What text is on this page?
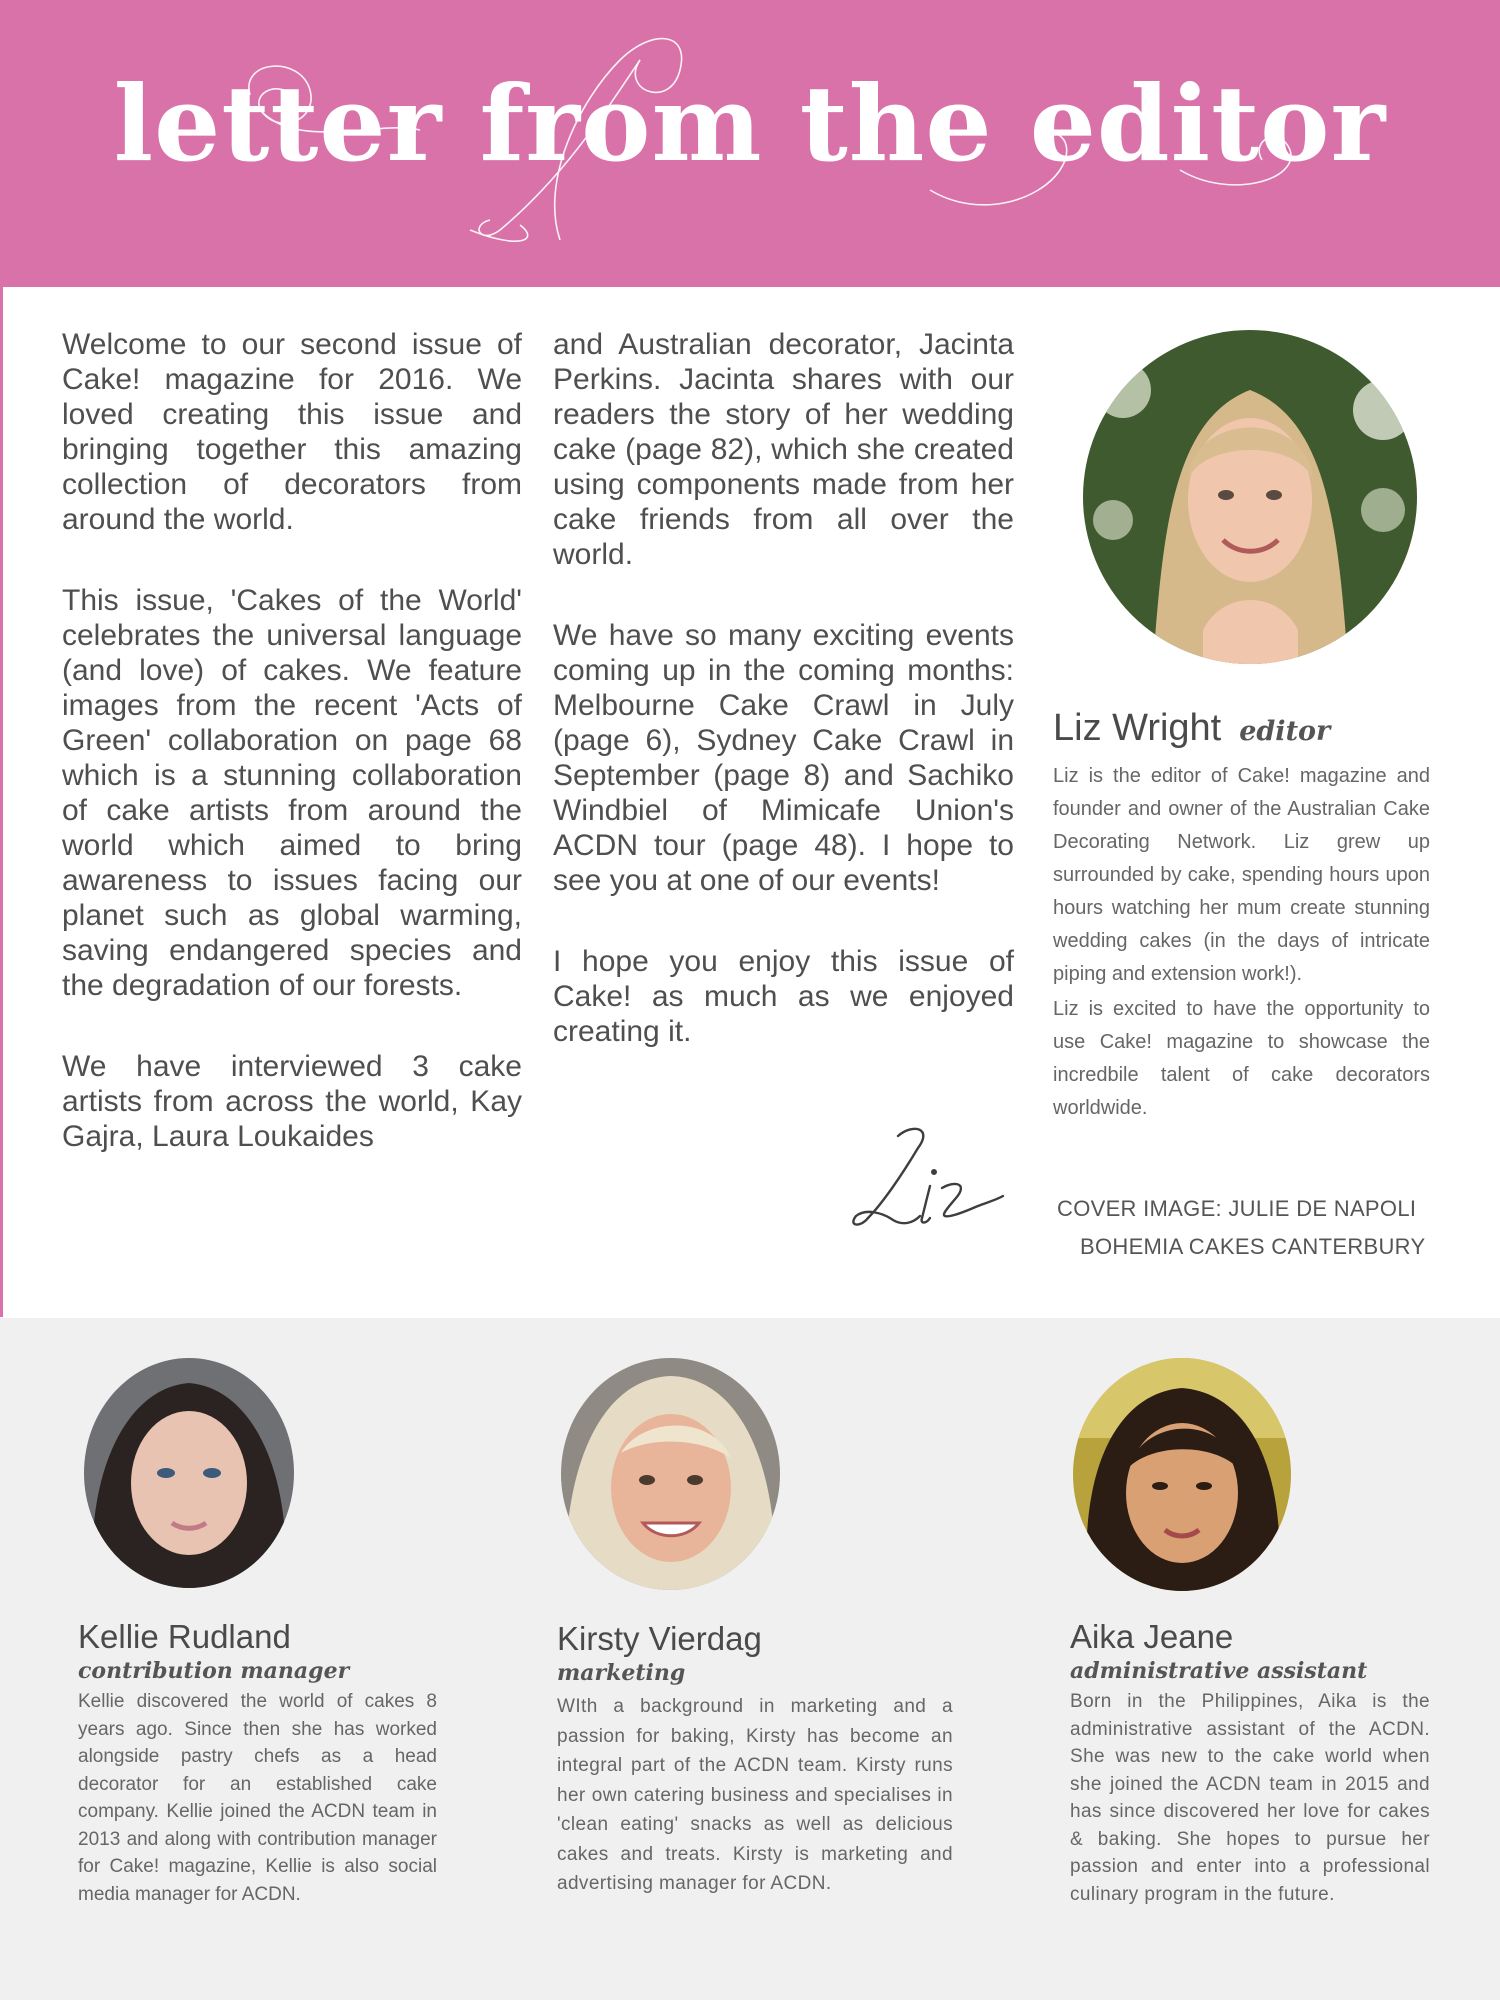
letter from the editor

Welcome to our second issue of Cake! magazine for 2016. We loved creating this issue and bringing together this amazing collection of decorators from around the world.

This issue, 'Cakes of the World' celebrates the universal language (and love) of cakes. We feature images from the recent 'Acts of Green' collaboration on page 68 which is a stunning collaboration of cake artists from around the world which aimed to bring awareness to issues facing our planet such as global warming, saving endangered species and the degradation of our forests.

We have interviewed 3 cake artists from across the world, Kay Gajra, Laura Loukaides

and Australian decorator, Jacinta Perkins. Jacinta shares with our readers the story of her wedding cake (page 82), which she created using components made from her cake friends from all over the world.

We have so many exciting events coming up in the coming months: Melbourne Cake Crawl in July (page 6), Sydney Cake Crawl in September (page 8) and Sachiko Windbiel of Mimicafe Union's ACDN tour (page 48). I hope to see you at one of our events!

I hope you enjoy this issue of Cake! as much as we enjoyed creating it.

Liz Wright editor

Liz is the editor of Cake! magazine and founder and owner of the Australian Cake Decorating Network. Liz grew up surrounded by cake, spending hours upon hours watching her mum create stunning wedding cakes (in the days of intricate piping and extension work!).

Liz is excited to have the opportunity to use Cake! magazine to showcase the incredbile talent of cake decorators worldwide.

COVER IMAGE: JULIE DE NAPOLI
BOHEMIA CAKES CANTERBURY
Kellie Rudland
contribution manager
Kellie discovered the world of cakes 8 years ago. Since then she has worked alongside pastry chefs as a head decorator for an established cake company. Kellie joined the ACDN team in 2013 and along with contribution manager for Cake! magazine, Kellie is also social media manager for ACDN.
Kirsty Vierdag
marketing
WIth a background in marketing and a passion for baking, Kirsty has become an integral part of the ACDN team. Kirsty runs her own catering business and specialises in 'clean eating' snacks as well as delicious cakes and treats. Kirsty is marketing and advertising manager for ACDN.
Aika Jeane
administrative assistant
Born in the Philippines, Aika is the administrative assistant of the ACDN. She was new to the cake world when she joined the ACDN team in 2015 and has since discovered her love for cakes & baking. She hopes to pursue her passion and enter into a professional culinary program in the future.
